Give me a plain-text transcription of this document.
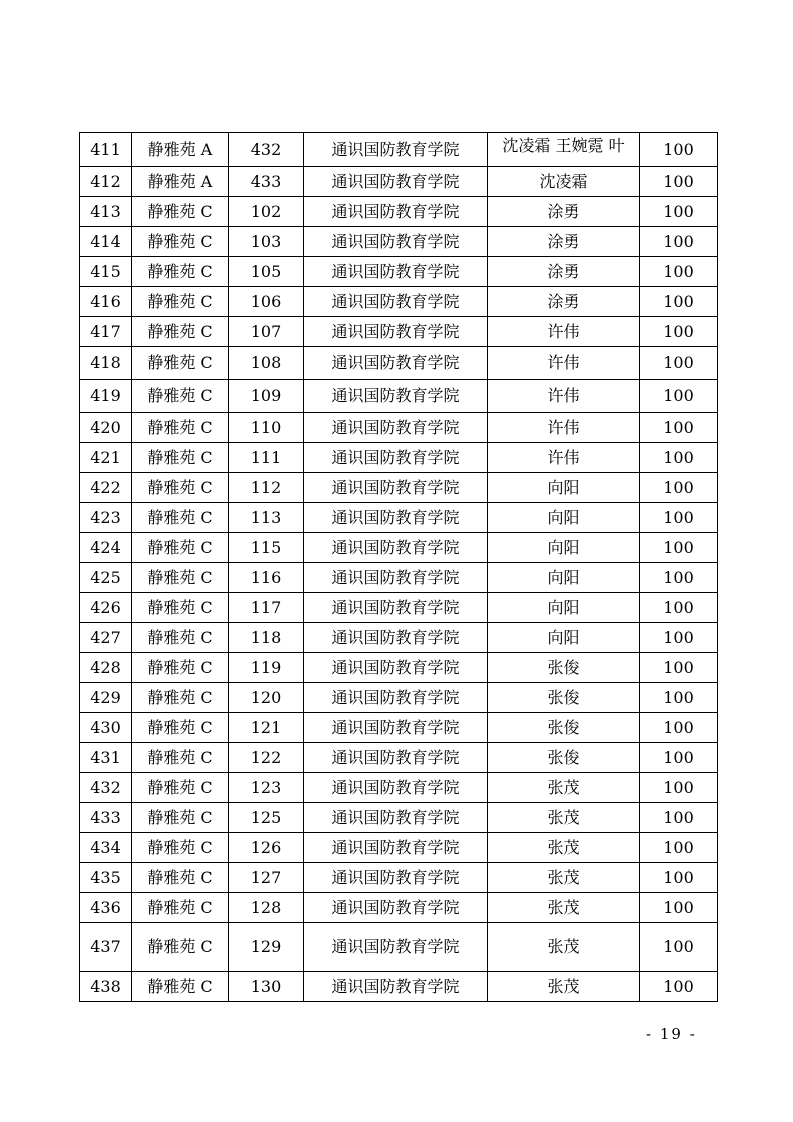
411	静雅苑 A	432	通识国防教育学院	沈凌霜 王婉霓 叶	100
412	静雅苑 A	433	通识国防教育学院	沈凌霜	100
413	静雅苑 C	102	通识国防教育学院	涂勇	100
414	静雅苑 C	103	通识国防教育学院	涂勇	100
415	静雅苑 C	105	通识国防教育学院	涂勇	100
416	静雅苑 C	106	通识国防教育学院	涂勇	100
417	静雅苑 C	107	通识国防教育学院	许伟	100
418	静雅苑 C	108	通识国防教育学院	许伟	100
419	静雅苑 C	109	通识国防教育学院	许伟	100
420	静雅苑 C	110	通识国防教育学院	许伟	100
421	静雅苑 C	111	通识国防教育学院	许伟	100
422	静雅苑 C	112	通识国防教育学院	向阳	100
423	静雅苑 C	113	通识国防教育学院	向阳	100
424	静雅苑 C	115	通识国防教育学院	向阳	100
425	静雅苑 C	116	通识国防教育学院	向阳	100
426	静雅苑 C	117	通识国防教育学院	向阳	100
427	静雅苑 C	118	通识国防教育学院	向阳	100
428	静雅苑 C	119	通识国防教育学院	张俊	100
429	静雅苑 C	120	通识国防教育学院	张俊	100
430	静雅苑 C	121	通识国防教育学院	张俊	100
431	静雅苑 C	122	通识国防教育学院	张俊	100
432	静雅苑 C	123	通识国防教育学院	张茂	100
433	静雅苑 C	125	通识国防教育学院	张茂	100
434	静雅苑 C	126	通识国防教育学院	张茂	100
435	静雅苑 C	127	通识国防教育学院	张茂	100
436	静雅苑 C	128	通识国防教育学院	张茂	100
437	静雅苑 C	129	通识国防教育学院	张茂	100
438	静雅苑 C	130	通识国防教育学院	张茂	100
- 19 -
